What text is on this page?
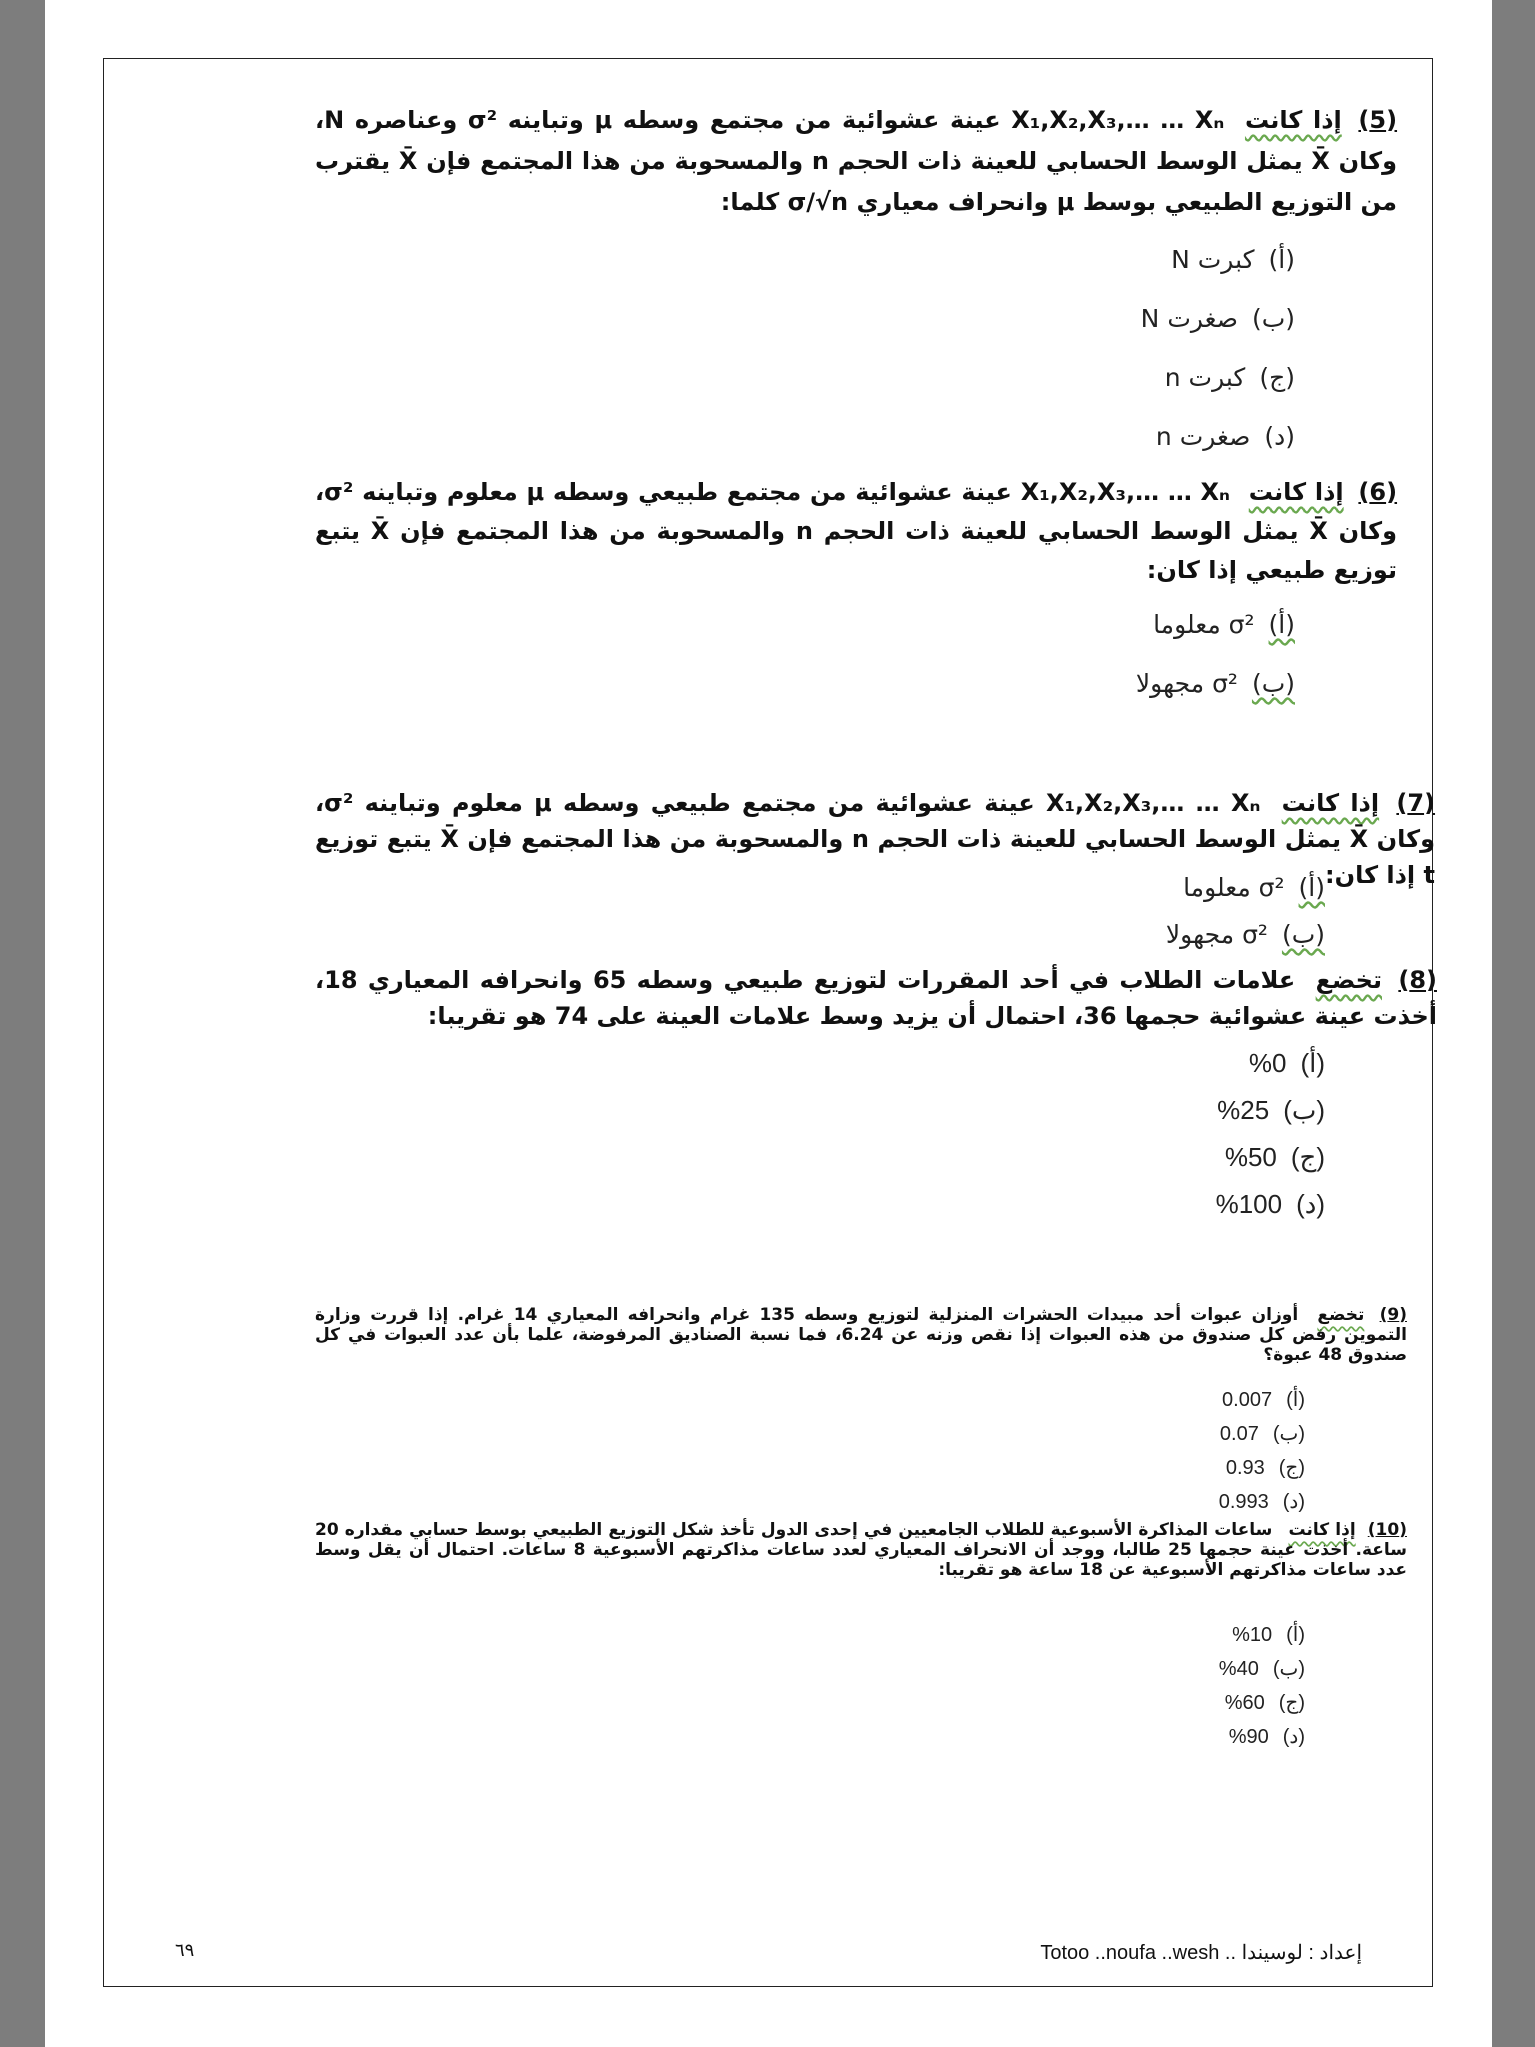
(5) إذا كانت X₁,X₂,X₃,… … Xₙ عينة عشوائية من مجتمع وسطه μ وتباينه σ² وعناصره N، وكان X̄ يمثل الوسط الحسابي للعينة ذات الحجم n والمسحوبة من هذا المجتمع فإن X̄ يقترب من التوزيع الطبيعي بوسط μ وانحراف معياري σ/√n كلما:

(أ)كبرت N
(ب)صغرت N
(ج)كبرت n
(د)صغرت n

(6) إذا كانت X₁,X₂,X₃,… … Xₙ عينة عشوائية من مجتمع طبيعي وسطه μ معلوم وتباينه σ²، وكان X̄ يمثل الوسط الحسابي للعينة ذات الحجم n والمسحوبة من هذا المجتمع فإن X̄ يتبع توزيع طبيعي إذا كان:

(أ)σ² معلوما
(ب)σ² مجهولا

(7) إذا كانت X₁,X₂,X₃,… … Xₙ عينة عشوائية من مجتمع طبيعي وسطه μ معلوم وتباينه σ²، وكان X̄ يمثل الوسط الحسابي للعينة ذات الحجم n والمسحوبة من هذا المجتمع فإن X̄ يتبع توزيع t إذا كان:

(أ)σ² معلوما
(ب)σ² مجهولا

(8) تخضع علامات الطلاب في أحد المقررات لتوزيع طبيعي وسطه 65 وانحرافه المعياري 18، أخذت عينة عشوائية حجمها 36، احتمال أن يزيد وسط علامات العينة على 74 هو تقريبا:

(أ)0%
(ب)25%
(ج)50%
(د)100%

(9) تخضع أوزان عبوات أحد مبيدات الحشرات المنزلية لتوزيع وسطه 135 غرام وانحرافه المعياري 14 غرام. إذا قررت وزارة التموين رفض كل صندوق من هذه العبوات إذا نقص وزنه عن 6.24، فما نسبة الصناديق المرفوضة، علما بأن عدد العبوات في كل صندوق 48 عبوة؟

(أ)0.007
(ب)0.07
(ج)0.93
(د)0.993

(10) إذا كانت ساعات المذاكرة الأسبوعية للطلاب الجامعيين في إحدى الدول تأخذ شكل التوزيع الطبيعي بوسط حسابي مقداره 20 ساعة. أخذت عينة حجمها 25 طالبا، ووجد أن الانحراف المعياري لعدد ساعات مذاكرتهم الأسبوعية 8 ساعات. احتمال أن يقل وسط عدد ساعات مذاكرتهم الأسبوعية عن 18 ساعة هو تقريبا:

(أ)10%
(ب)40%
(ج)60%
(د)90%
إعداد : لوسيندا .. Totoo ..noufa ..wesh
٦٩
